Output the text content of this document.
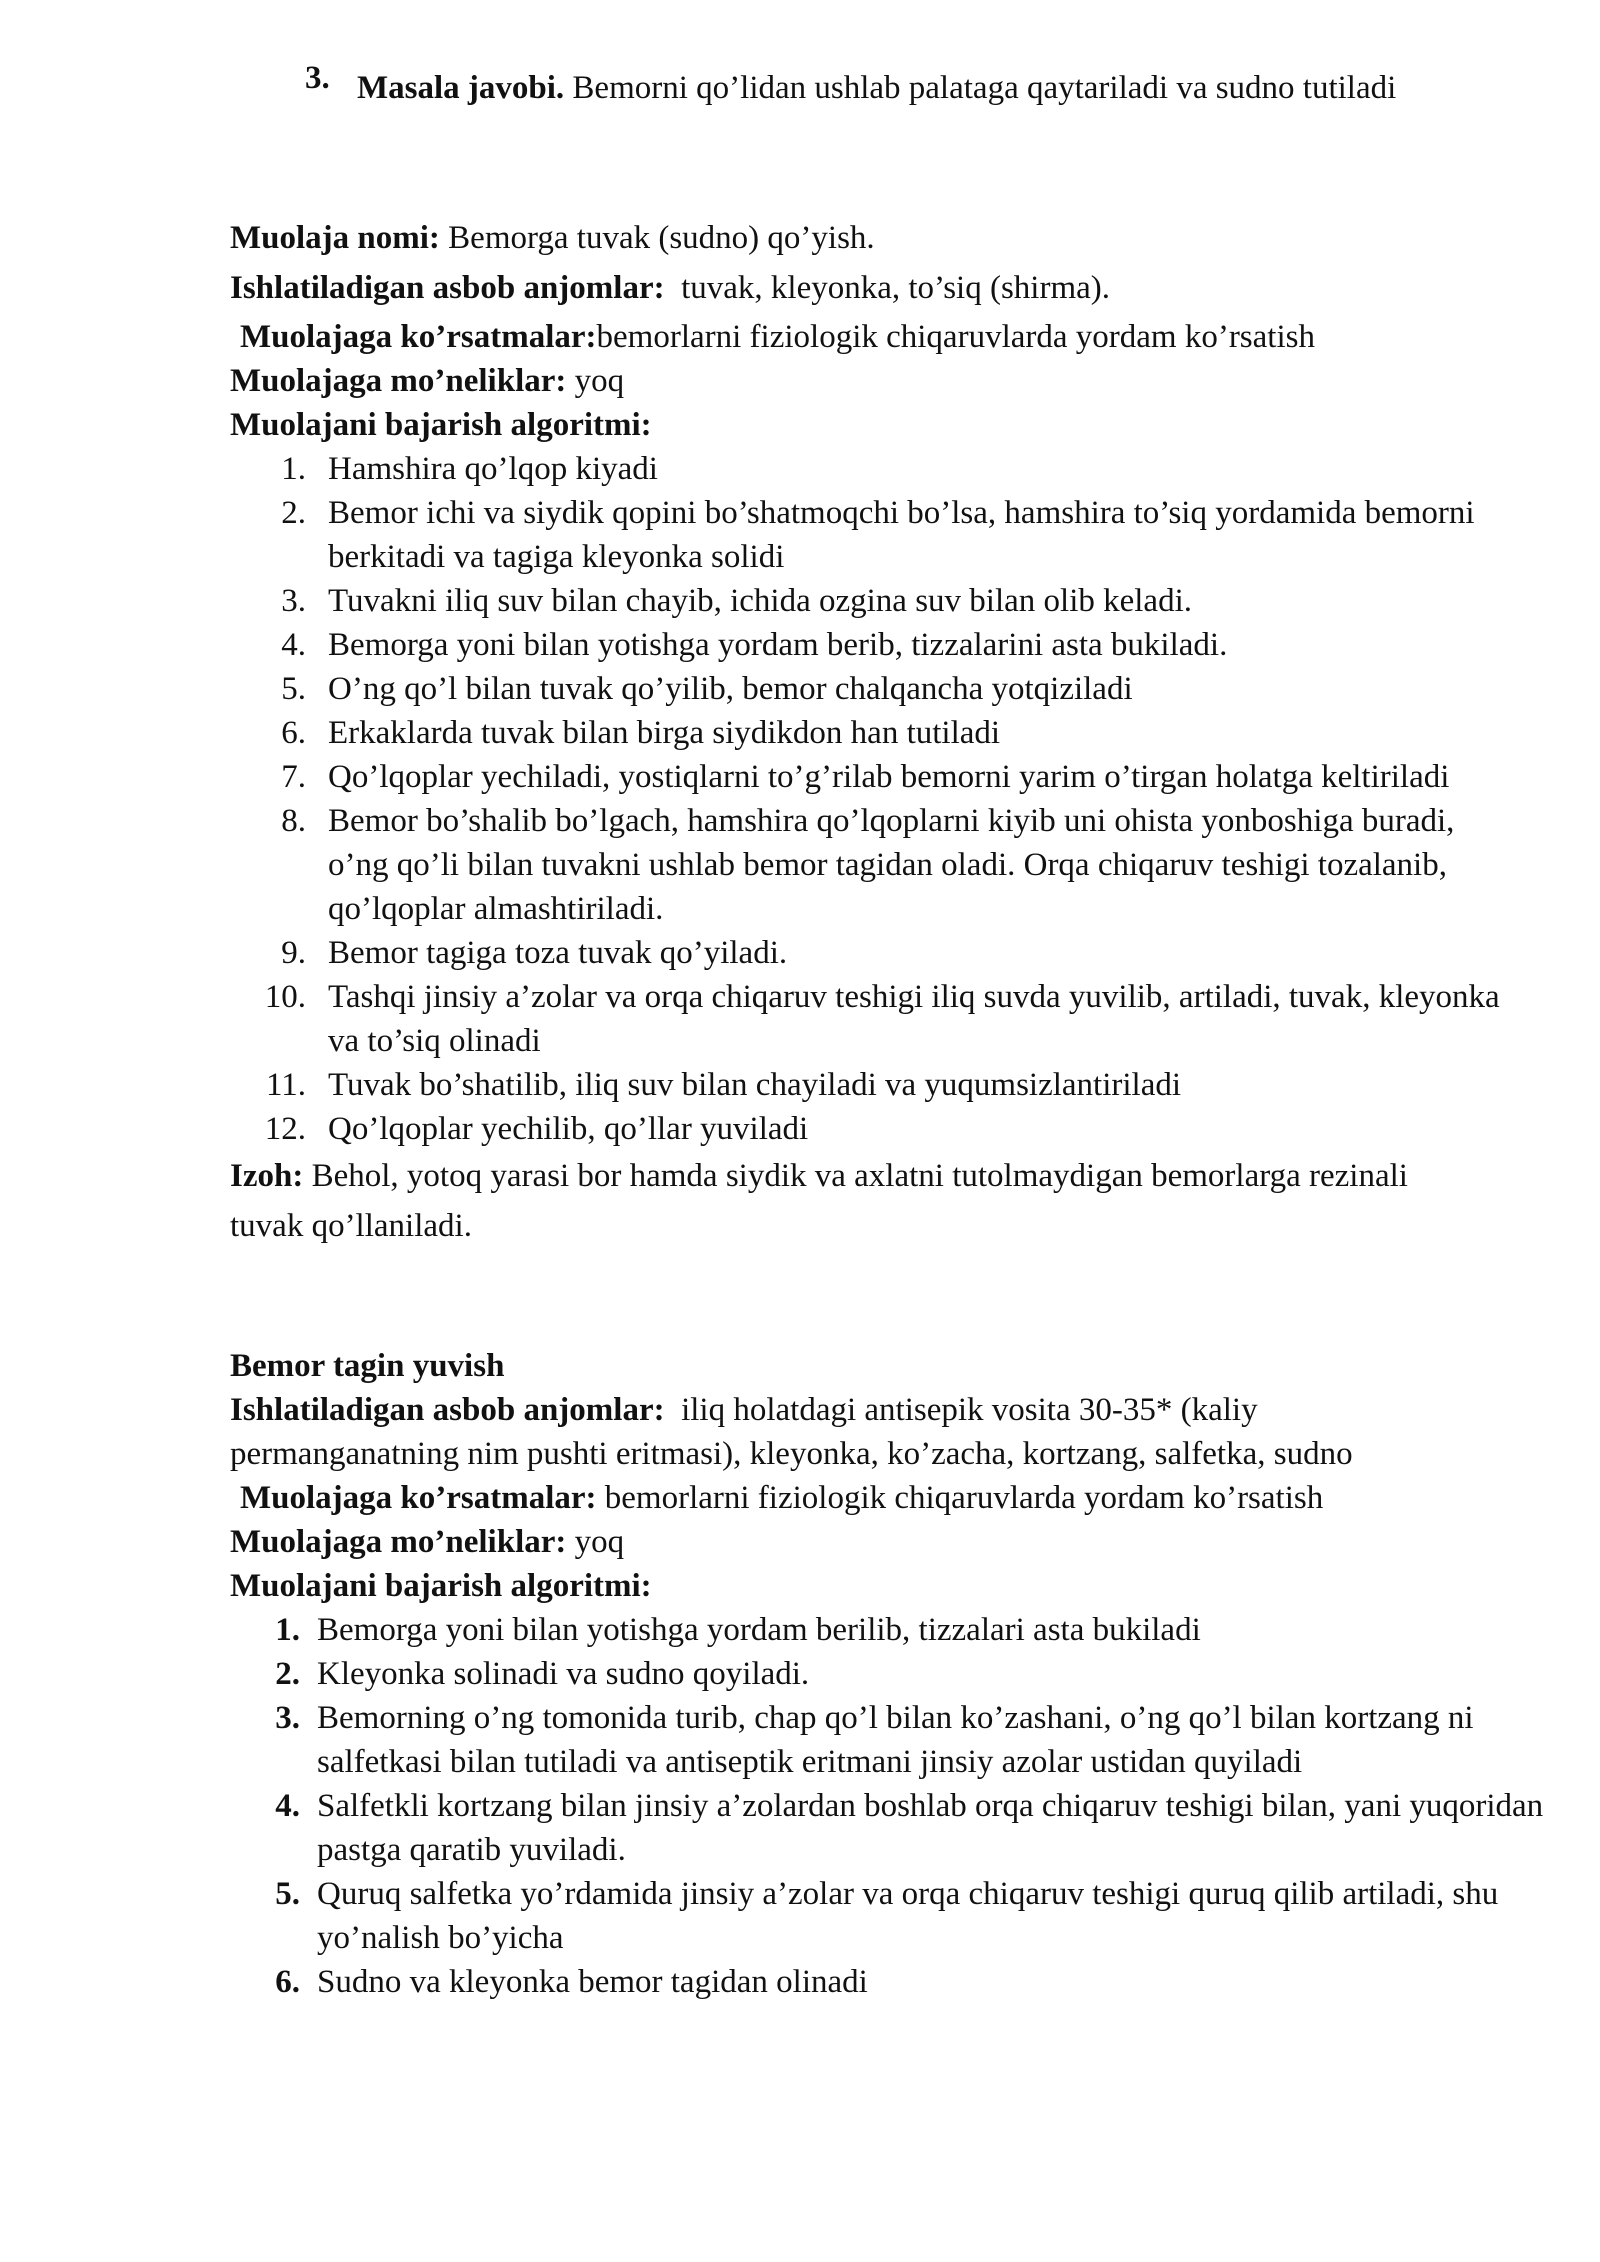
3. Masala javobi. Bemorni qo’lidan ushlab palataga qaytariladi va sudno tutiladi
Muolaja nomi: Bemorga tuvak (sudno) qo’yish.
Ishlatiladigan asbob anjomlar: tuvak, kleyonka, to’siq (shirma).
Muolajaga ko’rsatmalar:bemorlarni fiziologik chiqaruvlarda yordam ko’rsatish
Muolajaga mo’neliklar: yoq
Muolajani bajarish algoritmi:
1. Hamshira qo’lqop kiyadi
2. Bemor ichi va siydik qopini bo’shatmoqchi bo’lsa, hamshira to’siq yordamida bemorni berkitadi va tagiga kleyonka solidi
3. Tuvakni iliq suv bilan chayib, ichida ozgina suv bilan olib keladi.
4. Bemorga yoni bilan yotishga yordam berib, tizzalarini asta bukiladi.
5. O’ng qo’l bilan tuvak qo’yilib, bemor chalqancha yotqiziladi
6. Erkaklarda tuvak bilan birga siydikdon han tutiladi
7. Qo’lqoplar yechiladi, yostiqlarni to’g’rilab bemorni yarim o’tirgan holatga keltiriladi
8. Bemor bo’shalib bo’lgach, hamshira qo’lqoplarni kiyib uni ohista yonboshiga buradi, o’ng qo’li bilan tuvakni ushlab bemor tagidan oladi. Orqa chiqaruv teshigi tozalanib, qo’lqoplar almashtiriladi.
9. Bemor tagiga toza tuvak qo’yiladi.
10. Tashqi jinsiy a’zolar va orqa chiqaruv teshigi iliq suvda yuvilib, artiladi, tuvak, kleyonka va to’siq olinadi
11. Tuvak bo’shatilib, iliq suv bilan chayiladi va yuqumsizlantiriladi
12. Qo’lqoplar yechilib, qo’llar yuviladi
Izoh: Behol, yotoq yarasi bor hamda siydik va axlatni tutolmaydigan bemorlarga rezinali tuvak qo’llaniladi.
Bemor tagin yuvish
Ishlatiladigan asbob anjomlar: iliq holatdagi antisepik vosita 30-35* (kaliy permanganatning nim pushti eritmasi), kleyonka, ko’zacha, kortzang, salfetka, sudno
Muolajaga ko’rsatmalar: bemorlarni fiziologik chiqaruvlarda yordam ko’rsatish
Muolajaga mo’neliklar: yoq
Muolajani bajarish algoritmi:
1. Bemorga yoni bilan yotishga yordam berilib, tizzalari asta bukiladi
2. Kleyonka solinadi va sudno qoyiladi.
3. Bemorning o’ng tomonida turib, chap qo’l bilan ko’zashani, o’ng qo’l bilan kortzang ni salfetkasi bilan tutiladi va antiseptik eritmani jinsiy azolar ustidan quyiladi
4. Salfetkli kortzang bilan jinsiy a’zolardan boshlab orqa chiqaruv teshigi bilan, yani yuqoridan pastga qaratib yuviladi.
5. Quruq salfetka yo’rdamida jinsiy a’zolar va orqa chiqaruv teshigi quruq qilib artiladi, shu yo’nalish bo’yicha
6. Sudno va kleyonka bemor tagidan olinadi
